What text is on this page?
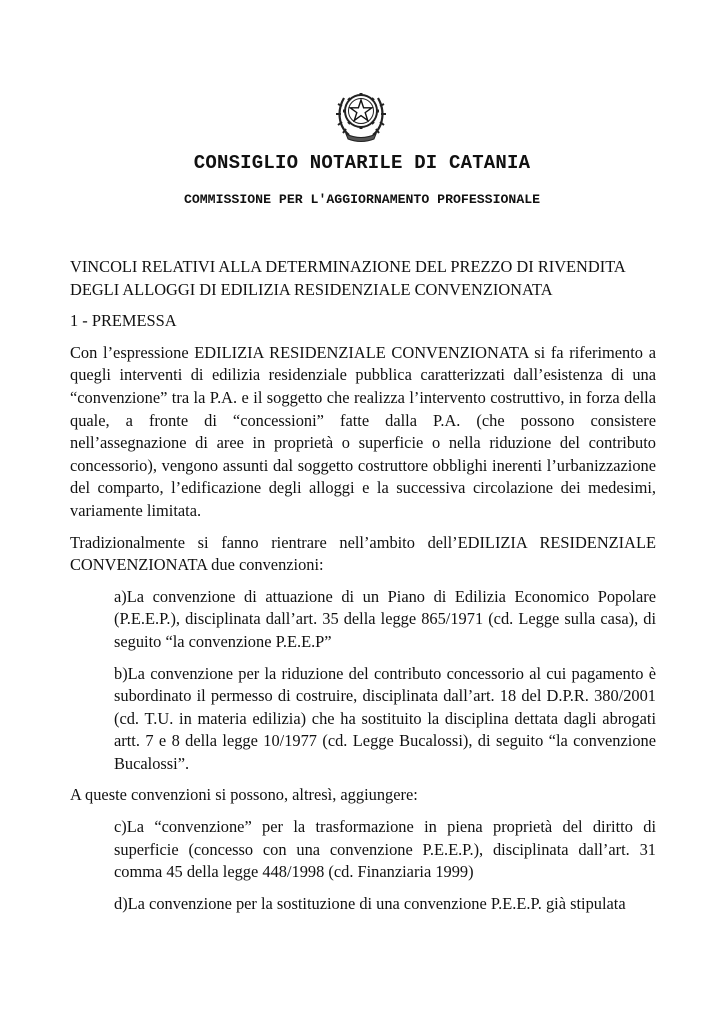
CONSIGLIO NOTARILE DI CATANIA
COMMISSIONE PER L'AGGIORNAMENTO PROFESSIONALE

VINCOLI RELATIVI ALLA DETERMINAZIONE DEL PREZZO DI RIVENDITA DEGLI ALLOGGI DI EDILIZIA RESIDENZIALE CONVENZIONATA

1 - PREMESSA

Con l’espressione EDILIZIA RESIDENZIALE CONVENZIONATA si fa riferimento a quegli interventi di edilizia residenziale pubblica caratterizzati dall’esistenza di una “convenzione” tra la P.A. e il soggetto che realizza l’intervento costruttivo, in forza della quale, a fronte di “concessioni” fatte dalla P.A. (che possono consistere nell’assegnazione di aree in proprietà o superficie o nella riduzione del contributo concessorio), vengono assunti dal soggetto costruttore obblighi inerenti l’urbanizzazione del comparto, l’edificazione degli alloggi e la successiva circolazione dei medesimi, variamente limitata.

Tradizionalmente si fanno rientrare nell’ambito dell’EDILIZIA RESIDENZIALE CONVENZIONATA due convenzioni:

a)La convenzione di attuazione di un Piano di Edilizia Economico Popolare (P.E.E.P.), disciplinata dall’art. 35 della legge 865/1971 (cd. Legge sulla casa), di seguito “la convenzione P.E.E.P”

b)La convenzione per la riduzione del contributo concessorio al cui pagamento è subordinato il permesso di costruire, disciplinata dall’art. 18 del D.P.R. 380/2001 (cd. T.U. in materia edilizia) che ha sostituito la disciplina dettata dagli abrogati artt. 7 e 8 della legge 10/1977 (cd. Legge Bucalossi), di seguito “la convenzione Bucalossi”.

A queste convenzioni si possono, altresì, aggiungere:

c)La “convenzione” per la trasformazione in piena proprietà del diritto di superficie (concesso con una convenzione P.E.E.P.), disciplinata dall’art. 31 comma 45 della legge 448/1998 (cd. Finanziaria 1999)

d)La convenzione per la sostituzione di una convenzione P.E.E.P. già stipulata
